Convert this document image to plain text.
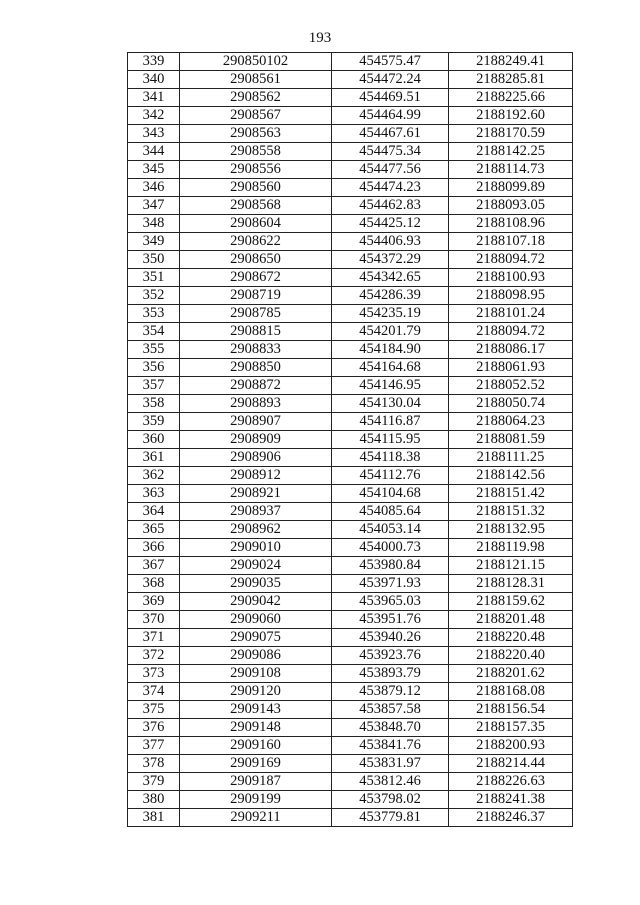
193
339	290850102	454575.47	2188249.41
340	2908561	454472.24	2188285.81
341	2908562	454469.51	2188225.66
342	2908567	454464.99	2188192.60
343	2908563	454467.61	2188170.59
344	2908558	454475.34	2188142.25
345	2908556	454477.56	2188114.73
346	2908560	454474.23	2188099.89
347	2908568	454462.83	2188093.05
348	2908604	454425.12	2188108.96
349	2908622	454406.93	2188107.18
350	2908650	454372.29	2188094.72
351	2908672	454342.65	2188100.93
352	2908719	454286.39	2188098.95
353	2908785	454235.19	2188101.24
354	2908815	454201.79	2188094.72
355	2908833	454184.90	2188086.17
356	2908850	454164.68	2188061.93
357	2908872	454146.95	2188052.52
358	2908893	454130.04	2188050.74
359	2908907	454116.87	2188064.23
360	2908909	454115.95	2188081.59
361	2908906	454118.38	2188111.25
362	2908912	454112.76	2188142.56
363	2908921	454104.68	2188151.42
364	2908937	454085.64	2188151.32
365	2908962	454053.14	2188132.95
366	2909010	454000.73	2188119.98
367	2909024	453980.84	2188121.15
368	2909035	453971.93	2188128.31
369	2909042	453965.03	2188159.62
370	2909060	453951.76	2188201.48
371	2909075	453940.26	2188220.48
372	2909086	453923.76	2188220.40
373	2909108	453893.79	2188201.62
374	2909120	453879.12	2188168.08
375	2909143	453857.58	2188156.54
376	2909148	453848.70	2188157.35
377	2909160	453841.76	2188200.93
378	2909169	453831.97	2188214.44
379	2909187	453812.46	2188226.63
380	2909199	453798.02	2188241.38
381	2909211	453779.81	2188246.37
